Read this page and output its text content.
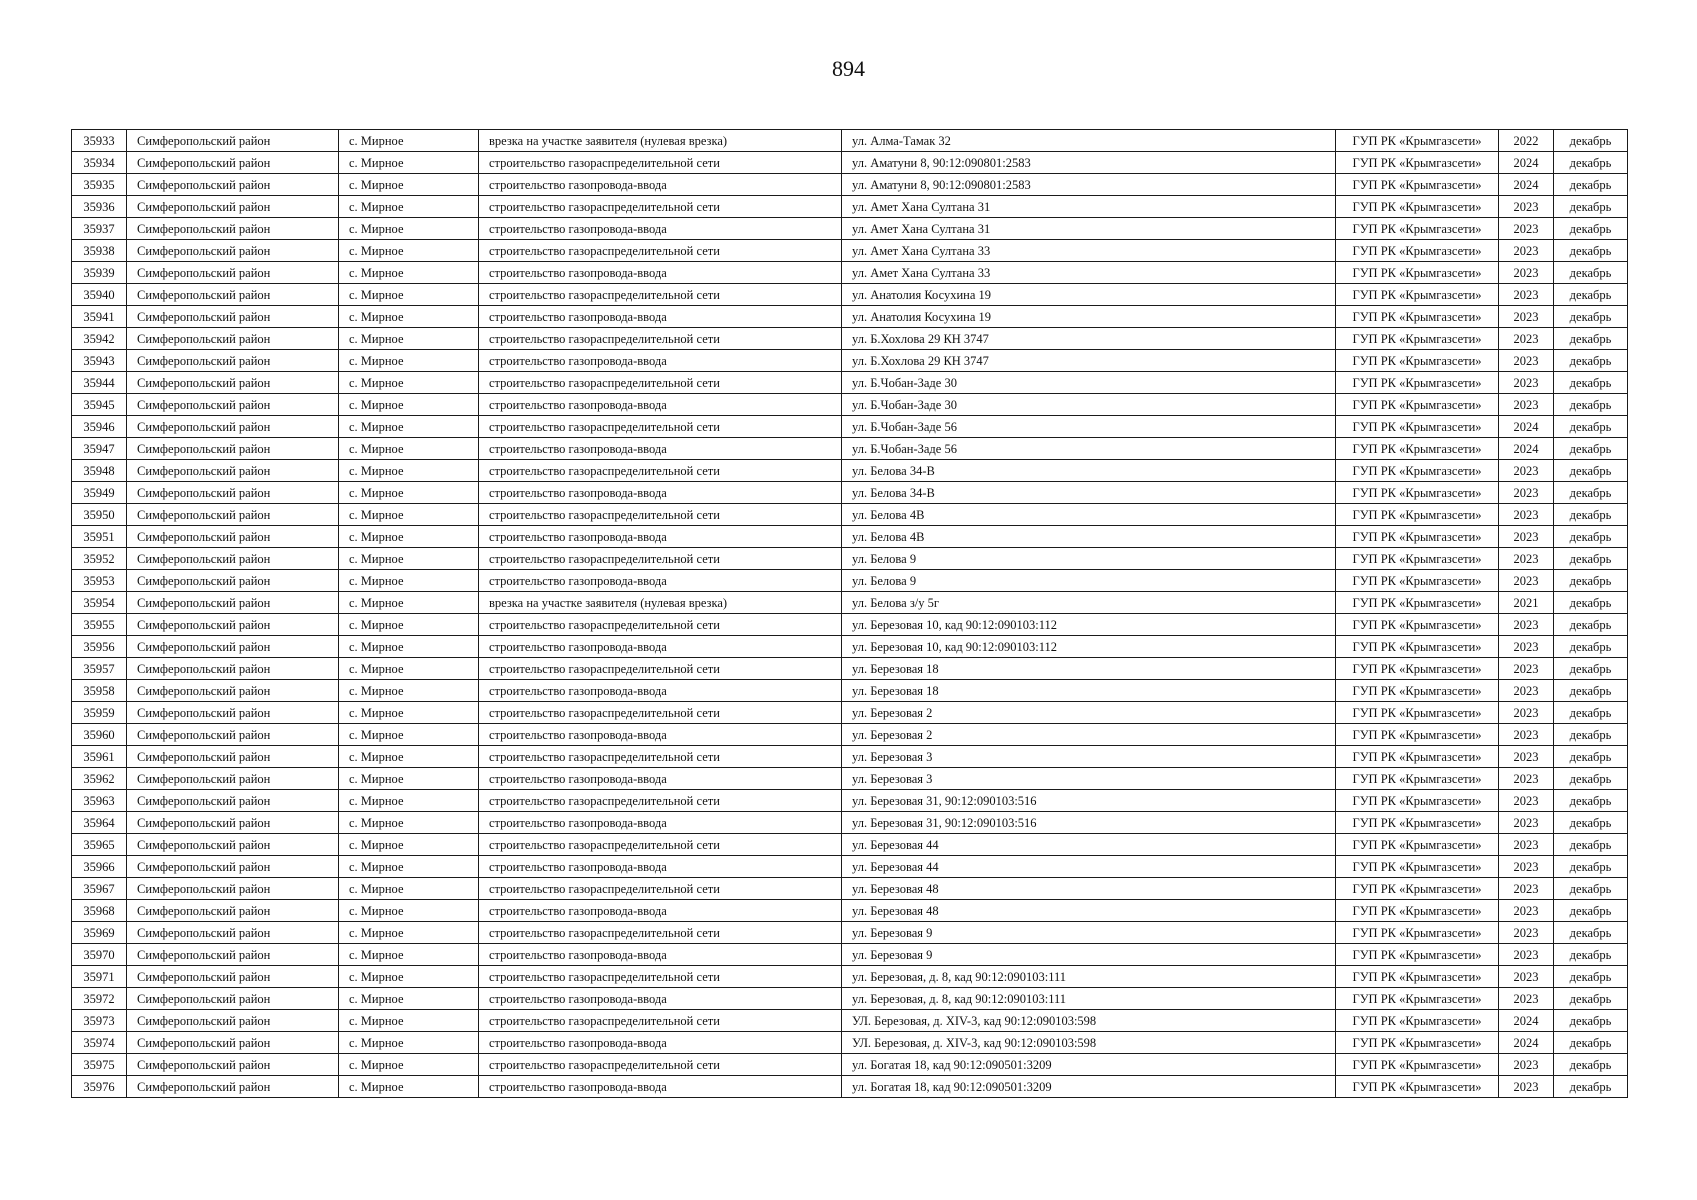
894
35933	Симферопольский район	с. Мирное	врезка на участке заявителя (нулевая врезка)	ул. Алма-Тамак 32	ГУП РК «Крымгазсети»	2022	декабрь
35934	Симферопольский район	с. Мирное	строительство газораспределительной сети	ул. Аматуни 8, 90:12:090801:2583	ГУП РК «Крымгазсети»	2024	декабрь
35935	Симферопольский район	с. Мирное	строительство газопровода-ввода	ул. Аматуни 8, 90:12:090801:2583	ГУП РК «Крымгазсети»	2024	декабрь
35936	Симферопольский район	с. Мирное	строительство газораспределительной сети	ул. Амет Хана Султана 31	ГУП РК «Крымгазсети»	2023	декабрь
35937	Симферопольский район	с. Мирное	строительство газопровода-ввода	ул. Амет Хана Султана 31	ГУП РК «Крымгазсети»	2023	декабрь
35938	Симферопольский район	с. Мирное	строительство газораспределительной сети	ул. Амет Хана Султана 33	ГУП РК «Крымгазсети»	2023	декабрь
35939	Симферопольский район	с. Мирное	строительство газопровода-ввода	ул. Амет Хана Султана 33	ГУП РК «Крымгазсети»	2023	декабрь
35940	Симферопольский район	с. Мирное	строительство газораспределительной сети	ул. Анатолия Косухина 19	ГУП РК «Крымгазсети»	2023	декабрь
35941	Симферопольский район	с. Мирное	строительство газопровода-ввода	ул. Анатолия Косухина 19	ГУП РК «Крымгазсети»	2023	декабрь
35942	Симферопольский район	с. Мирное	строительство газораспределительной сети	ул. Б.Хохлова 29 КН 3747	ГУП РК «Крымгазсети»	2023	декабрь
35943	Симферопольский район	с. Мирное	строительство газопровода-ввода	ул. Б.Хохлова 29 КН 3747	ГУП РК «Крымгазсети»	2023	декабрь
35944	Симферопольский район	с. Мирное	строительство газораспределительной сети	ул. Б.Чобан-Заде 30	ГУП РК «Крымгазсети»	2023	декабрь
35945	Симферопольский район	с. Мирное	строительство газопровода-ввода	ул. Б.Чобан-Заде 30	ГУП РК «Крымгазсети»	2023	декабрь
35946	Симферопольский район	с. Мирное	строительство газораспределительной сети	ул. Б.Чобан-Заде 56	ГУП РК «Крымгазсети»	2024	декабрь
35947	Симферопольский район	с. Мирное	строительство газопровода-ввода	ул. Б.Чобан-Заде 56	ГУП РК «Крымгазсети»	2024	декабрь
35948	Симферопольский район	с. Мирное	строительство газораспределительной сети	ул. Белова 34-В	ГУП РК «Крымгазсети»	2023	декабрь
35949	Симферопольский район	с. Мирное	строительство газопровода-ввода	ул. Белова 34-В	ГУП РК «Крымгазсети»	2023	декабрь
35950	Симферопольский район	с. Мирное	строительство газораспределительной сети	ул. Белова 4В	ГУП РК «Крымгазсети»	2023	декабрь
35951	Симферопольский район	с. Мирное	строительство газопровода-ввода	ул. Белова 4В	ГУП РК «Крымгазсети»	2023	декабрь
35952	Симферопольский район	с. Мирное	строительство газораспределительной сети	ул. Белова 9	ГУП РК «Крымгазсети»	2023	декабрь
35953	Симферопольский район	с. Мирное	строительство газопровода-ввода	ул. Белова 9	ГУП РК «Крымгазсети»	2023	декабрь
35954	Симферопольский район	с. Мирное	врезка на участке заявителя (нулевая врезка)	ул. Белова з/у 5г	ГУП РК «Крымгазсети»	2021	декабрь
35955	Симферопольский район	с. Мирное	строительство газораспределительной сети	ул. Березовая 10, кад 90:12:090103:112	ГУП РК «Крымгазсети»	2023	декабрь
35956	Симферопольский район	с. Мирное	строительство газопровода-ввода	ул. Березовая 10, кад 90:12:090103:112	ГУП РК «Крымгазсети»	2023	декабрь
35957	Симферопольский район	с. Мирное	строительство газораспределительной сети	ул. Березовая 18	ГУП РК «Крымгазсети»	2023	декабрь
35958	Симферопольский район	с. Мирное	строительство газопровода-ввода	ул. Березовая 18	ГУП РК «Крымгазсети»	2023	декабрь
35959	Симферопольский район	с. Мирное	строительство газораспределительной сети	ул. Березовая 2	ГУП РК «Крымгазсети»	2023	декабрь
35960	Симферопольский район	с. Мирное	строительство газопровода-ввода	ул. Березовая 2	ГУП РК «Крымгазсети»	2023	декабрь
35961	Симферопольский район	с. Мирное	строительство газораспределительной сети	ул. Березовая 3	ГУП РК «Крымгазсети»	2023	декабрь
35962	Симферопольский район	с. Мирное	строительство газопровода-ввода	ул. Березовая 3	ГУП РК «Крымгазсети»	2023	декабрь
35963	Симферопольский район	с. Мирное	строительство газораспределительной сети	ул. Березовая 31, 90:12:090103:516	ГУП РК «Крымгазсети»	2023	декабрь
35964	Симферопольский район	с. Мирное	строительство газопровода-ввода	ул. Березовая 31, 90:12:090103:516	ГУП РК «Крымгазсети»	2023	декабрь
35965	Симферопольский район	с. Мирное	строительство газораспределительной сети	ул. Березовая 44	ГУП РК «Крымгазсети»	2023	декабрь
35966	Симферопольский район	с. Мирное	строительство газопровода-ввода	ул. Березовая 44	ГУП РК «Крымгазсети»	2023	декабрь
35967	Симферопольский район	с. Мирное	строительство газораспределительной сети	ул. Березовая 48	ГУП РК «Крымгазсети»	2023	декабрь
35968	Симферопольский район	с. Мирное	строительство газопровода-ввода	ул. Березовая 48	ГУП РК «Крымгазсети»	2023	декабрь
35969	Симферопольский район	с. Мирное	строительство газораспределительной сети	ул. Березовая 9	ГУП РК «Крымгазсети»	2023	декабрь
35970	Симферопольский район	с. Мирное	строительство газопровода-ввода	ул. Березовая 9	ГУП РК «Крымгазсети»	2023	декабрь
35971	Симферопольский район	с. Мирное	строительство газораспределительной сети	ул. Березовая, д. 8, кад 90:12:090103:111	ГУП РК «Крымгазсети»	2023	декабрь
35972	Симферопольский район	с. Мирное	строительство газопровода-ввода	ул. Березовая, д. 8, кад 90:12:090103:111	ГУП РК «Крымгазсети»	2023	декабрь
35973	Симферопольский район	с. Мирное	строительство газораспределительной сети	УЛ. Березовая, д. XIV-3, кад 90:12:090103:598	ГУП РК «Крымгазсети»	2024	декабрь
35974	Симферопольский район	с. Мирное	строительство газопровода-ввода	УЛ. Березовая, д. XIV-3, кад 90:12:090103:598	ГУП РК «Крымгазсети»	2024	декабрь
35975	Симферопольский район	с. Мирное	строительство газораспределительной сети	ул. Богатая 18, кад 90:12:090501:3209	ГУП РК «Крымгазсети»	2023	декабрь
35976	Симферопольский район	с. Мирное	строительство газопровода-ввода	ул. Богатая 18, кад 90:12:090501:3209	ГУП РК «Крымгазсети»	2023	декабрь
